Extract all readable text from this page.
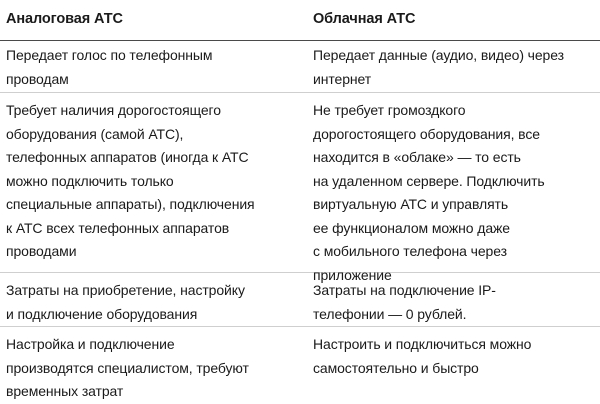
Аналоговая АТС	Облачная АТС
Передает голос по телефонным
проводам
Передает данные (аудио, видео) через
интернет
Требует наличия дорогостоящего
оборудования (самой АТС),
телефонных аппаратов (иногда к АТС
можно подключить только
специальные аппараты), подключения
к АТС всех телефонных аппаратов
проводами
Не требует громоздкого
дорогостоящего оборудования, все
находится в «облаке» — то есть
на удаленном сервере. Подключить
виртуальную АТС и управлять
ее функционалом можно даже
с мобильного телефона через
приложение
Затраты на приобретение, настройку
и подключение оборудования
Затраты на подключение IP-
телефонии — 0 рублей.
Настройка и подключение
производятся специалистом, требуют
временных затрат
Настроить и подключиться можно
самостоятельно и быстро
